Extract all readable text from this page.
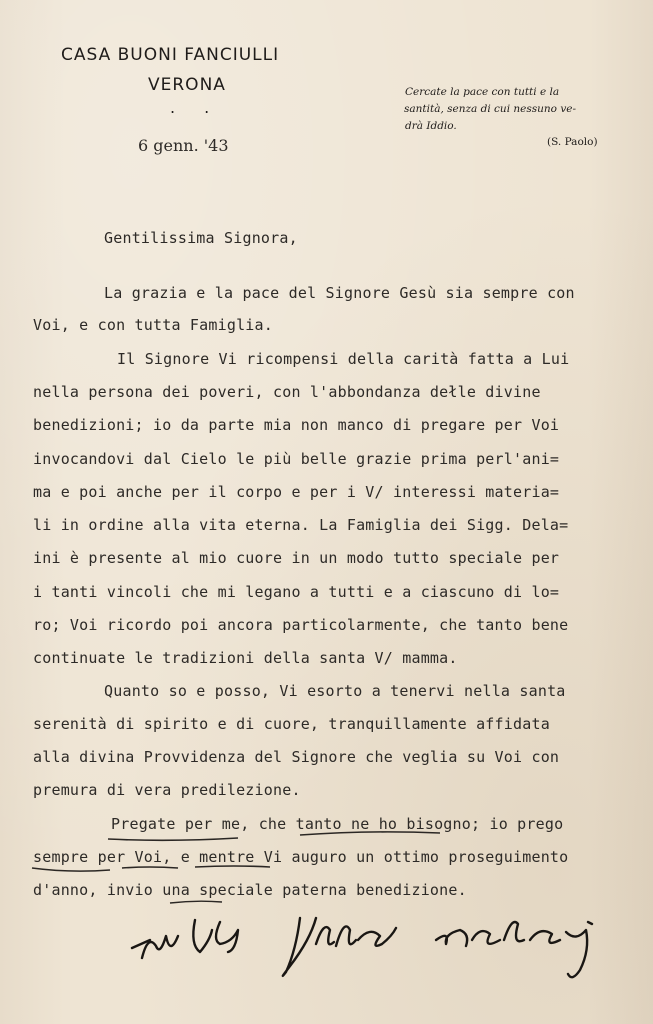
CASA BUONI FANCIULLI
VERONA
. .
6 genn. '43
Cercate la pace con tutti e la
santità, senza di cui nessuno ve-
drà Iddio.
(S. Paolo)
Gentilissima Signora,
La grazia e la pace del Signore Gesù sia sempre con
Voi, e con tutta Famiglia.
Il Signore Vi ricompensi della carità fatta a Lui
nella persona dei poveri, con l'abbondanza dełle divine
benedizioni; io da parte mia non manco di pregare per Voi
invocandovi dal Cielo le più belle grazie prima perl'ani=
ma e poi anche per il corpo e per i V/ interessi materia=
li in ordine alla vita eterna. La Famiglia dei Sigg. Dela=
ini è presente al mio cuore in un modo tutto speciale per
i tanti vincoli che mi legano a tutti e a ciascuno di lo=
ro; Voi ricordo poi ancora particolarmente, che tanto bene
continuate le tradizioni della santa V/ mamma.
Quanto so e posso, Vi esorto a tenervi nella santa
serenità di spirito e di cuore, tranquillamente affidata
alla divina Provvidenza del Signore che veglia su Voi con
premura di vera predilezione.
Pregate per me, che tanto ne ho bisogno; io prego
sempre per Voi, e mentre Vi auguro un ottimo proseguimento
d'anno, invio una speciale paterna benedizione.
